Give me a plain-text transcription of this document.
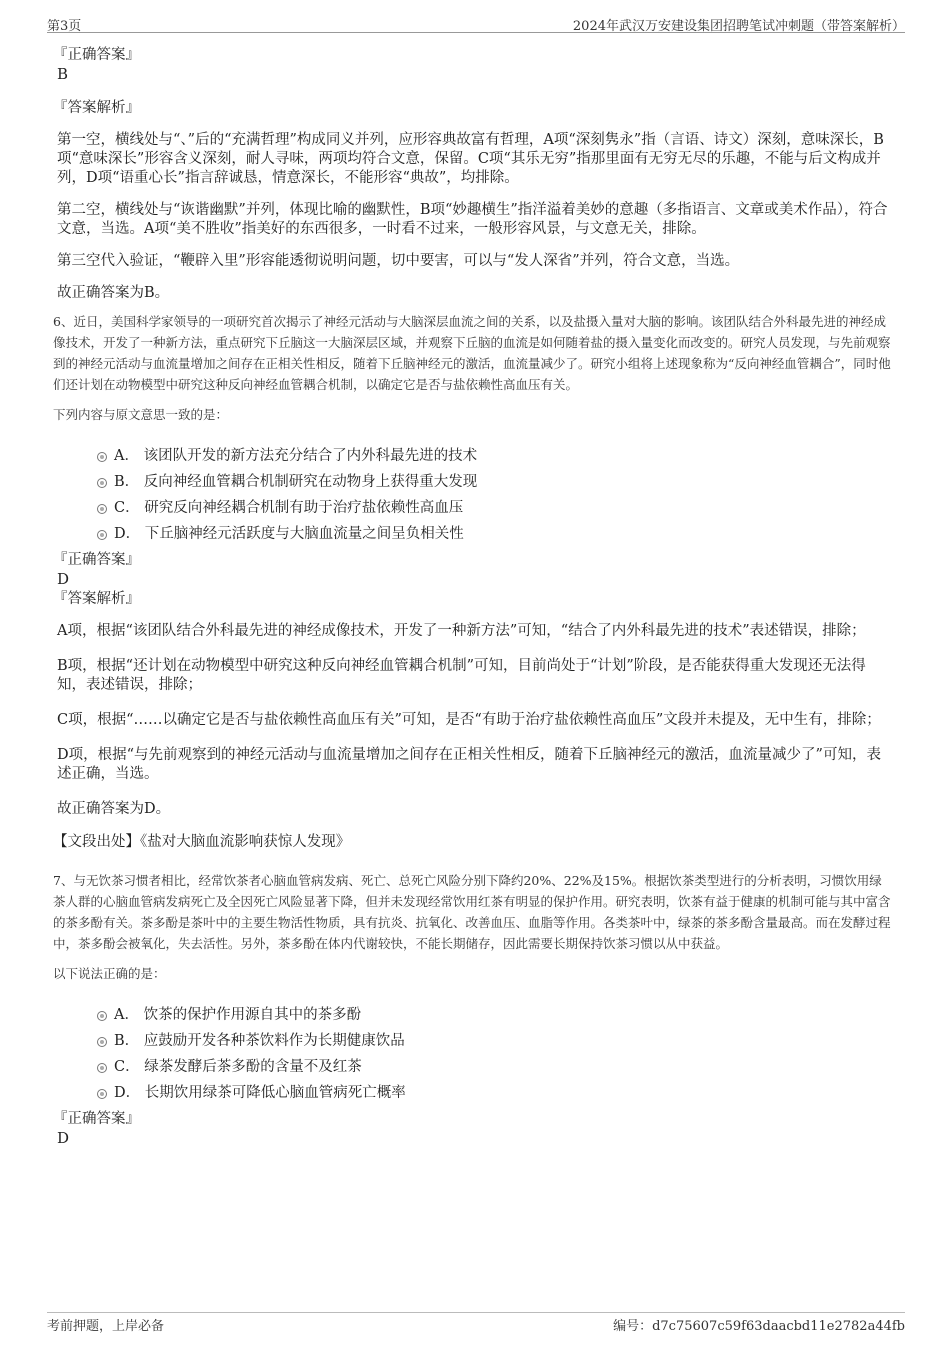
第3页	2024年武汉万安建设集团招聘笔试冲刺题（带答案解析）
『正确答案』
B
『答案解析』

第一空，横线处与“、”后的“充满哲理”构成同义并列，应形容典故富有哲理，A项“深刻隽永”指（言语、诗文）深刻，意味深长，B项“意味深长”形容含义深刻，耐人寻味，两项均符合文意，保留。C项“其乐无穷”指那里面有无穷无尽的乐趣，不能与后文构成并列，D项“语重心长”指言辞诚恳，情意深长，不能形容“典故”，均排除。

第二空，横线处与“诙谐幽默”并列，体现比喻的幽默性，B项“妙趣横生”指洋溢着美妙的意趣（多指语言、文章或美术作品），符合文意，当选。A项“美不胜收”指美好的东西很多，一时看不过来，一般形容风景，与文意无关，排除。

第三空代入验证，“鞭辟入里”形容能透彻说明问题，切中要害，可以与“发人深省”并列，符合文意，当选。

故正确答案为B。

6、近日，美国科学家领导的一项研究首次揭示了神经元活动与大脑深层血流之间的关系，以及盐摄入量对大脑的影响。该团队结合外科最先进的神经成像技术，开发了一种新方法，重点研究下丘脑这一大脑深层区域，并观察下丘脑的血流是如何随着盐的摄入量变化而改变的。研究人员发现，与先前观察到的神经元活动与血流量增加之间存在正相关性相反，随着下丘脑神经元的激活，血流量减少了。研究小组将上述现象称为“反向神经血管耦合”，同时他们还计划在动物模型中研究这种反向神经血管耦合机制，以确定它是否与盐依赖性高血压有关。

下列内容与原文意思一致的是：

A． 该团队开发的新方法充分结合了内外科最先进的技术
B． 反向神经血管耦合机制研究在动物身上获得重大发现
C． 研究反向神经耦合机制有助于治疗盐依赖性高血压
D． 下丘脑神经元活跃度与大脑血流量之间呈负相关性
『正确答案』
D
『答案解析』

A项，根据“该团队结合外科最先进的神经成像技术，开发了一种新方法”可知，“结合了内外科最先进的技术”表述错误，排除；

B项，根据“还计划在动物模型中研究这种反向神经血管耦合机制”可知，目前尚处于“计划”阶段，是否能获得重大发现还无法得知，表述错误，排除；

C项，根据“……以确定它是否与盐依赖性高血压有关”可知，是否“有助于治疗盐依赖性高血压”文段并未提及，无中生有，排除；

D项，根据“与先前观察到的神经元活动与血流量增加之间存在正相关性相反，随着下丘脑神经元的激活，血流量减少了”可知，表述正确，当选。

故正确答案为D。

【文段出处】《盐对大脑血流影响获惊人发现》

7、与无饮茶习惯者相比，经常饮茶者心脑血管病发病、死亡、总死亡风险分别下降约20%、22%及15%。根据饮茶类型进行的分析表明，习惯饮用绿茶人群的心脑血管病发病死亡及全因死亡风险显著下降，但并未发现经常饮用红茶有明显的保护作用。研究表明，饮茶有益于健康的机制可能与其中富含的茶多酚有关。茶多酚是茶叶中的主要生物活性物质，具有抗炎、抗氧化、改善血压、血脂等作用。各类茶叶中，绿茶的茶多酚含量最高。而在发酵过程中，茶多酚会被氧化，失去活性。另外，茶多酚在体内代谢较快，不能长期储存，因此需要长期保持饮茶习惯以从中获益。

以下说法正确的是：

A． 饮茶的保护作用源自其中的茶多酚
B． 应鼓励开发各种茶饮料作为长期健康饮品
C． 绿茶发酵后茶多酚的含量不及红茶
D． 长期饮用绿茶可降低心脑血管病死亡概率
『正确答案』
D
考前押题，上岸必备	编号：d7c75607c59f63daacbd11e2782a44fb
